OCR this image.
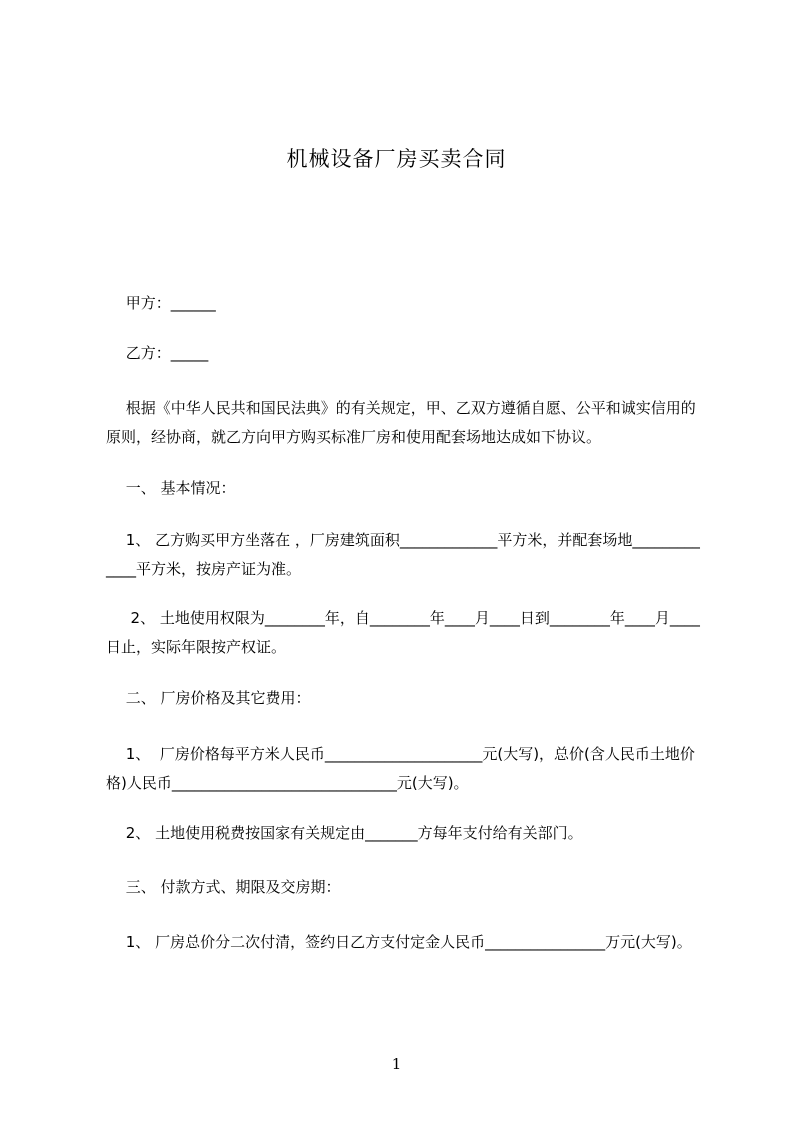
机械设备厂房买卖合同

　 甲方：______

　 乙方：_____

　 根据《中华人民共和国民法典》的有关规定，甲、乙双方遵循自愿、公平和诚实信用的原则，经协商，就乙方向甲方购买标准厂房和使用配套场地达成如下协议。

　 一、 基本情况：

　 1、 乙方购买甲方坐落在 ，厂房建筑面积_____________平方米，并配套场地_____________平方米，按房产证为准。

　  2、 土地使用权限为________年，自________年____月____日到________年____月____日止，实际年限按产权证。

　 二、 厂房价格及其它费用：

　 1、  厂房价格每平方米人民币_____________________元(大写)，总价(含人民币土地价格)人民币______________________________元(大写)。

　 2、 土地使用税费按国家有关规定由_______方每年支付给有关部门。

　 三、 付款方式、期限及交房期：

　 1、 厂房总价分二次付清，签约日乙方支付定金人民币________________万元(大写)。

1
